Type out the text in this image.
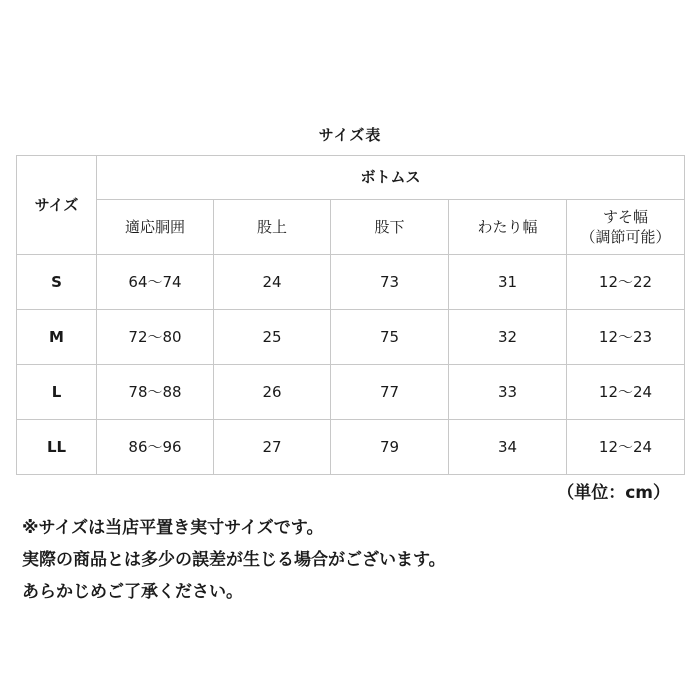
サイズ表
サイズ	ボトムス				
	適応胴囲	股上	股下	わたり幅	すそ幅
（調節可能）

S	64〜74	24	73	31	12〜22
M	72〜80	25	75	32	12〜23
L	78〜88	26	77	33	12〜24
LL	86〜96	27	79	34	12〜24
（単位：cm）
※サイズは当店平置き実寸サイズです。
実際の商品とは多少の誤差が生じる場合がございます。
あらかじめご了承ください。
